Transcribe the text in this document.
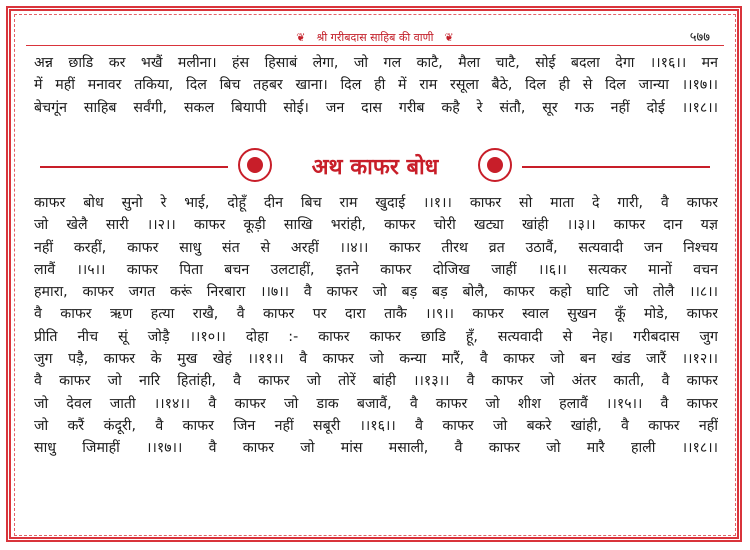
❦ श्री गरीबदास साहिब की वाणी ❦	५७७
अन्न छाडि कर भखैं मलीना। हंस हिसाबं लेगा, जो गल काटै, मैला चाटै, सोई बदला देगा ।।१६।। मन
में महीं मनावर तकिया, दिल बिच तहबर खाना। दिल ही में राम रसूला बैठे, दिल ही से दिल जान्या ।।१७।।
बेचगूंन साहिब सर्वंगी, सकल बियापी सोई। जन दास गरीब कहै रे संतौ, सूर गऊ नहीं दोई ।।१८।।
अथ काफर बोध
काफर बोध सुनो रे भाई, दोहूँ दीन बिच राम खुदाई ।।१।। काफर सो माता दे गारी, वै काफर
जो खेलै सारी ।।२।। काफर कूड़ी साखि भरांही, काफर चोरी खट्या खांही ।।३।। काफर दान यज्ञ
नहीं करहीं, काफर साधु संत से अरहीं ।।४।। काफर तीरथ व्रत उठावैं, सत्यवादी जन निश्चय
लावैं ।।५।। काफर पिता बचन उलटाहीं, इतने काफर दोजिख जाहीं ।।६।। सत्यकर मानों वचन
हमारा, काफर जगत करूं निरबारा ।।७।। वै काफर जो बड़ बड़ बोलै, काफर कहो घाटि जो तोलै ।।८।।
वै काफर ऋण हत्या राखै, वै काफर पर दारा ताकै ।।९।। काफर स्वाल सुखन कूँ मोडे, काफर
प्रीति नीच सूं जोड़ै ।।१०।। दोहा :- काफर काफर छाडि हूँ, सत्यवादी से नेह। गरीबदास जुग
जुग पड़ै, काफर के मुख खेहं ।।११।। वै काफर जो कन्या मारैं, वै काफर जो बन खंड जारैं ।।१२।।
वै काफर जो नारि हितांही, वै काफर जो तोरें बांही ।।१३।। वै काफर जो अंतर काती, वै काफर
जो देवल जाती ।।१४।। वै काफर जो डाक बजावैं, वै काफर जो शीश हलावैं ।।१५।। वै काफर
जो करैं कंदूरी, वै काफर जिन नहीं सबूरी ।।१६।। वै काफर जो बकरे खांही, वै काफर नहीं
साधु जिमाहीं ।।१७।। वै काफर जो मांस मसाली, वै काफर जो मारै हाली ।।१८।।
